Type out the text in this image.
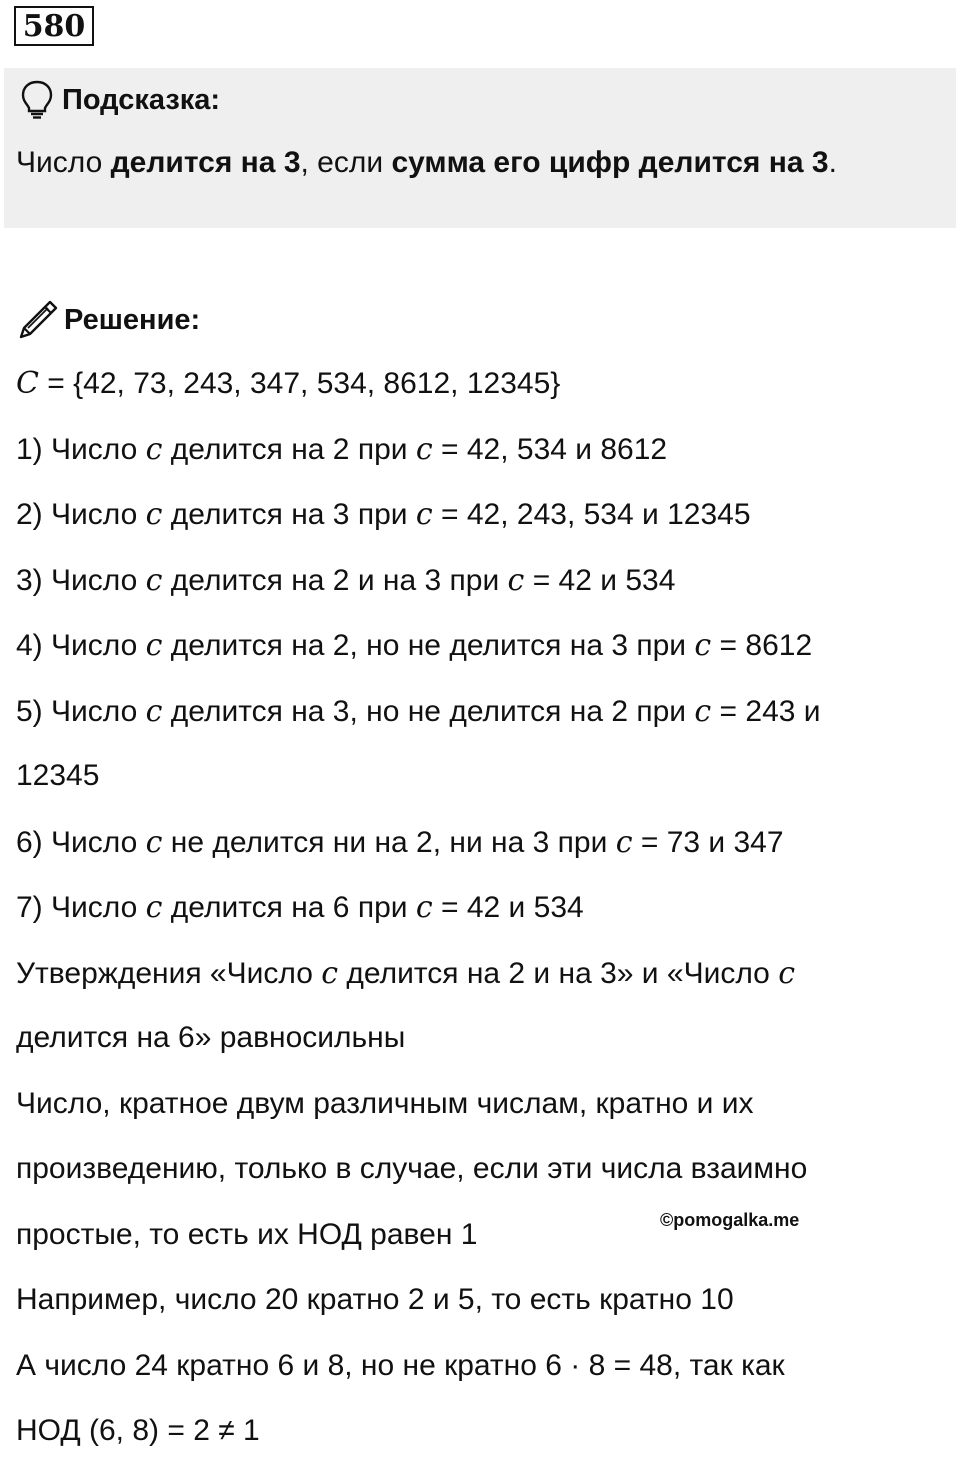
580
Подсказка:
Число делится на 3, если сумма его цифр делится на 3.
Решение:
C = {42, 73, 243, 347, 534, 8612, 12345}
1) Число c делится на 2 при c = 42, 534 и 8612
2) Число c делится на 3 при c = 42, 243, 534 и 12345
3) Число c делится на 2 и на 3 при c = 42 и 534
4) Число c делится на 2, но не делится на 3 при c = 8612
5) Число c делится на 3, но не делится на 2 при c = 243 и
12345
6) Число c не делится ни на 2, ни на 3 при c = 73 и 347
7) Число c делится на 6 при c = 42 и 534
Утверждения «Число c делится на 2 и на 3» и «Число c
делится на 6» равносильны
Число, кратное двум различным числам, кратно и их
произведению, только в случае, если эти числа взаимно
простые, то есть их НОД равен 1	©pomogalka.me
Например, число 20 кратно 2 и 5, то есть кратно 10
А число 24 кратно 6 и 8, но не кратно 6 · 8 = 48, так как
НОД (6, 8) = 2 ≠ 1
